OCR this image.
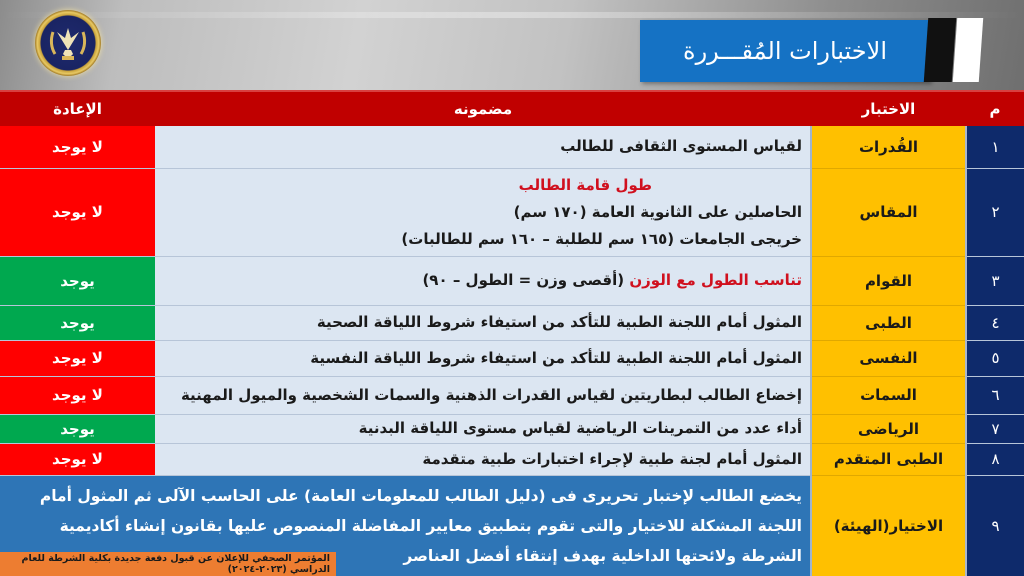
الاختبارات المُقـــررة
م	الاختبار	مضمونه	الإعادة
١	القُدرات	لقياس المستوى الثقافى للطالب	لا يوجد
٢	المقاس	طول قامة الطالب
الحاصلين على الثانوية العامة (١٧٠ سم)
خريجى الجامعات (١٦٥ سم للطلبة – ١٦٠ سم للطالبات)	لا يوجد
٣	القوام	تناسب الطول مع الوزن (أقصى وزن = الطول – ٩٠)	يوجد
٤	الطبى	المثول أمام اللجنة الطبية للتأكد من استيفاء شروط اللياقة الصحية	يوجد
٥	النفسى	المثول أمام اللجنة الطبية للتأكد من استيفاء شروط اللياقة النفسية	لا يوجد
٦	السمات	إخضاع الطالب لبطاريتين لقياس القدرات الذهنية والسمات الشخصية والميول المهنية	لا يوجد
٧	الرياضى	أداء عدد من التمرينات الرياضية لقياس مستوى اللياقة البدنية	يوجد
٨	الطبى المتقدم	المثول أمام لجنة طبية لإجراء اختبارات طبية متقدمة	لا يوجد
٩	الاختيار(الهيئة)	يخضع الطالب لإختبار تحريرى فى (دليل الطالب للمعلومات العامة) على الحاسب الآلى ثم المثول أمام اللجنة المشكلة للاختيار والتى تقوم بتطبيق معايير المفاضلة المنصوص عليها بقانون إنشاء أكاديمية الشرطة ولائحتها الداخلية بهدف إنتقاء أفضل العناصر	
المؤتمر الصحفي للإعلان عن قبول دفعة جديدة بكلية الشرطة للعام الدراسي (٢٠٢٣-٢٠٢٤)
